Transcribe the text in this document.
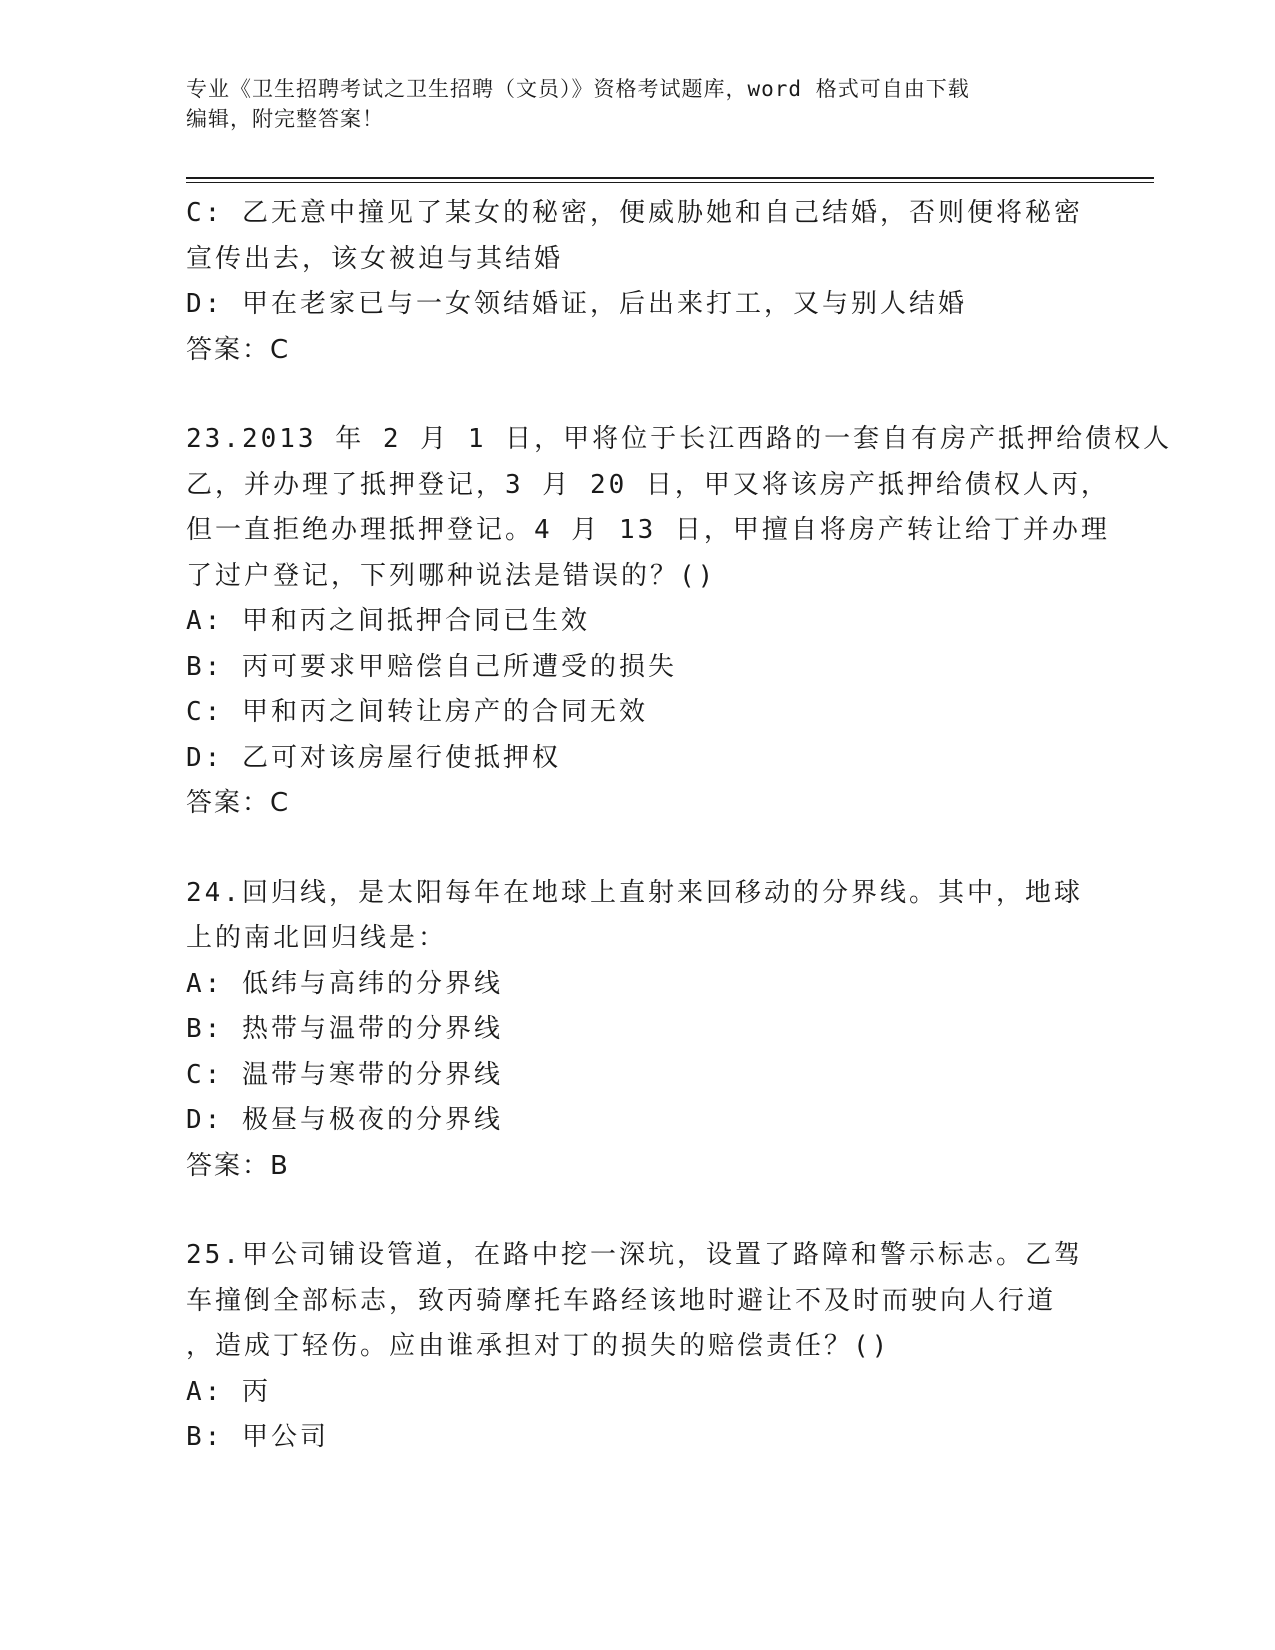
专业《卫生招聘考试之卫生招聘（文员）》资格考试题库，word 格式可自由下载
编辑，附完整答案！
C: 乙无意中撞见了某女的秘密，便威胁她和自己结婚，否则便将秘密
宣传出去，该女被迫与其结婚
D: 甲在老家已与一女领结婚证，后出来打工，又与别人结婚
答案：C
23.2013 年 2 月 1 日，甲将位于长江西路的一套自有房产抵押给债权人
乙，并办理了抵押登记，3 月 20 日，甲又将该房产抵押给债权人丙，
但一直拒绝办理抵押登记。4 月 13 日，甲擅自将房产转让给丁并办理
了过户登记，下列哪种说法是错误的？()
A: 甲和丙之间抵押合同已生效
B: 丙可要求甲赔偿自己所遭受的损失
C: 甲和丙之间转让房产的合同无效
D: 乙可对该房屋行使抵押权
答案：C
24.回归线，是太阳每年在地球上直射来回移动的分界线。其中，地球
上的南北回归线是：
A: 低纬与高纬的分界线
B: 热带与温带的分界线
C: 温带与寒带的分界线
D: 极昼与极夜的分界线
答案：B
25.甲公司铺设管道，在路中挖一深坑，设置了路障和警示标志。乙驾
车撞倒全部标志，致丙骑摩托车路经该地时避让不及时而驶向人行道
，造成丁轻伤。应由谁承担对丁的损失的赔偿责任？()
A: 丙
B: 甲公司
